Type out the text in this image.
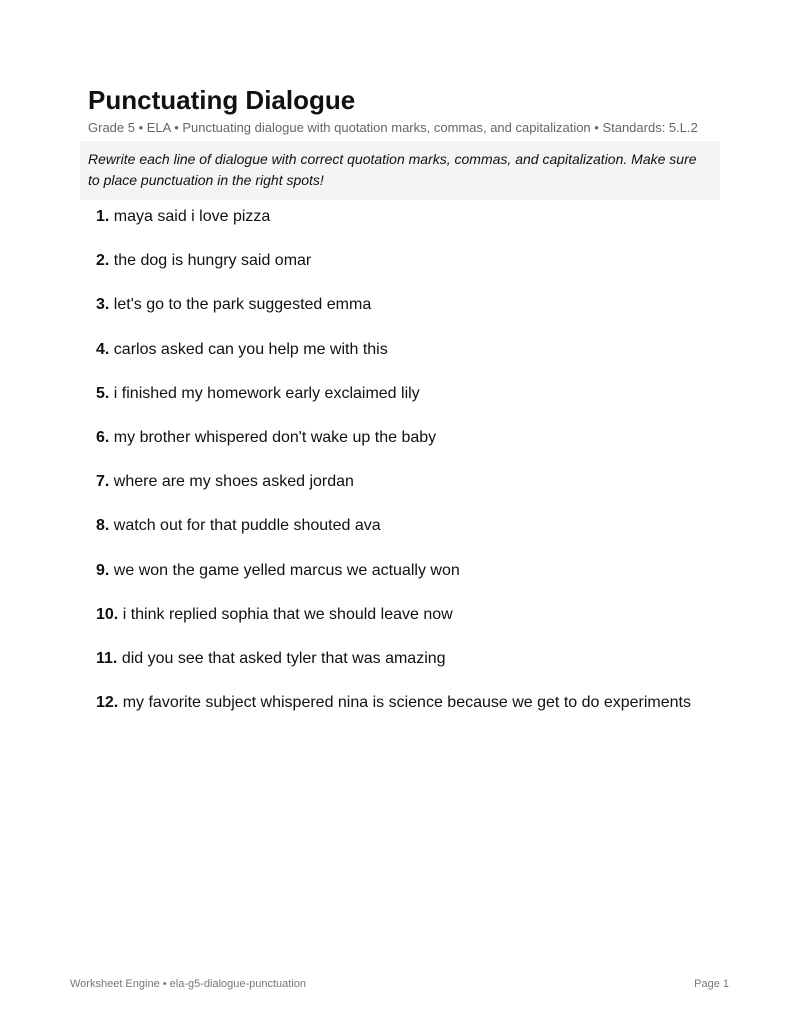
Punctuating Dialogue
Grade 5 • ELA • Punctuating dialogue with quotation marks, commas, and capitalization • Standards: 5.L.2
Rewrite each line of dialogue with correct quotation marks, commas, and capitalization. Make sure to place punctuation in the right spots!
1. maya said i love pizza
2. the dog is hungry said omar
3. let's go to the park suggested emma
4. carlos asked can you help me with this
5. i finished my homework early exclaimed lily
6. my brother whispered don't wake up the baby
7. where are my shoes asked jordan
8. watch out for that puddle shouted ava
9. we won the game yelled marcus we actually won
10. i think replied sophia that we should leave now
11. did you see that asked tyler that was amazing
12. my favorite subject whispered nina is science because we get to do experiments
Worksheet Engine • ela-g5-dialogue-punctuation	Page 1
